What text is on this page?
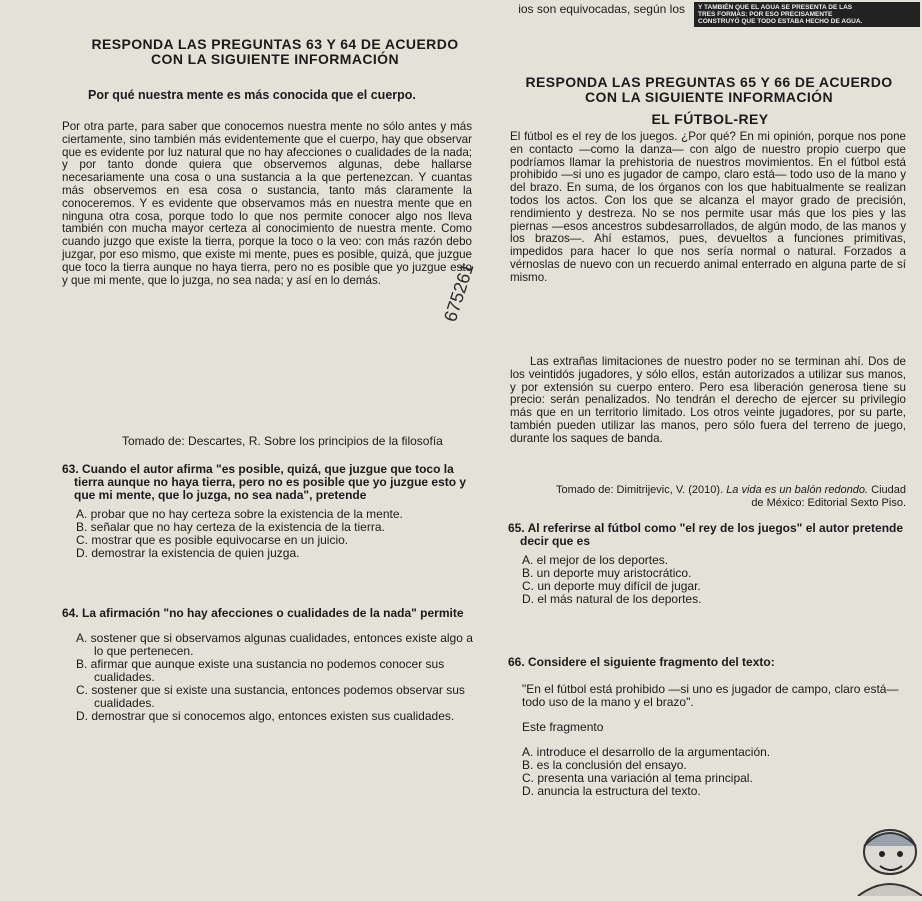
ios son equivocadas, según los Y TAMBIÉN QUE EL AGUA SE PRESENTA DE LAS
TRES FORMAS: POR ESO PRECISAMENTE
CONSTRUYÓ QUE TODO ESTABA HECHO DE AGUA.
RESPONDA LAS PREGUNTAS 63 Y 64 DE ACUERDO
CON LA SIGUIENTE INFORMACIÓN
Por qué nuestra mente es más conocida que el cuerpo.
Por otra parte, para saber que conocemos nuestra mente no sólo antes y más ciertamente, sino también más evidentemente que el cuerpo, hay que observar que es evidente por luz natural que no hay afecciones o cualidades de la nada; y por tanto donde quiera que observemos algunas, debe hallarse necesariamente una cosa o una sustancia a la que pertenezcan. Y cuantas más observemos en esa cosa o sustancia, tanto más claramente la conoceremos. Y es evidente que observamos más en nuestra mente que en ninguna otra cosa, porque todo lo que nos permite conocer algo nos lleva también con mucha mayor certeza al conocimiento de nuestra mente. Como cuando juzgo que existe la tierra, porque la toco o la veo: con más razón debo juzgar, por eso mismo, que existe mi mente, pues es posible, quizá, que juzgue que toco la tierra aunque no haya tierra, pero no es posible que yo juzgue esto y que mi mente, que lo juzga, no sea nada; y así en lo demás.
Tomado de: Descartes, R. Sobre los principios de la filosofía
63. Cuando el autor afirma "es posible, quizá, que juzgue que toco la tierra aunque no haya tierra, pero no es posible que yo juzgue esto y que mi mente, que lo juzga, no sea nada", pretende
A. probar que no hay certeza sobre la existencia de la mente.
B. señalar que no hay certeza de la existencia de la tierra.
C. mostrar que es posible equivocarse en un juicio.
D. demostrar la existencia de quien juzga.
64. La afirmación "no hay afecciones o cualidades de la nada" permite
A. sostener que si observamos algunas cualidades, entonces existe algo a lo que pertenecen.
B. afirmar que aunque existe una sustancia no podemos conocer sus cualidades.
C. sostener que si existe una sustancia, entonces podemos observar sus cualidades.
D. demostrar que si conocemos algo, entonces existen sus cualidades.
675261
RESPONDA LAS PREGUNTAS 65 Y 66 DE ACUERDO
CON LA SIGUIENTE INFORMACIÓN
EL FÚTBOL-REY
El fútbol es el rey de los juegos. ¿Por qué? En mi opinión, porque nos pone en contacto —como la danza— con algo de nuestro propio cuerpo que podríamos llamar la prehistoria de nuestros movimientos. En el fútbol está prohibido —si uno es jugador de campo, claro está— todo uso de la mano y del brazo. En suma, de los órganos con los que habitualmente se realizan todos los actos. Con los que se alcanza el mayor grado de precisión, rendimiento y destreza. No se nos permite usar más que los pies y las piernas —esos ancestros subdesarrollados, de algún modo, de las manos y los brazos—. Ahí estamos, pues, devueltos a funciones primitivas, impedidos para hacer lo que nos sería normal o natural. Forzados a vérnoslas de nuevo con un recuerdo animal enterrado en alguna parte de sí mismo.
Las extrañas limitaciones de nuestro poder no se terminan ahí. Dos de los veintidós jugadores, y sólo ellos, están autorizados a utilizar sus manos, y por extensión su cuerpo entero. Pero esa liberación generosa tiene su precio: serán penalizados. No tendrán el derecho de ejercer su privilegio más que en un territorio limitado. Los otros veinte jugadores, por su parte, también pueden utilizar las manos, pero sólo fuera del terreno de juego, durante los saques de banda.
Tomado de: Dimitrijevic, V. (2010). La vida es un balón redondo. Ciudad
de México: Editorial Sexto Piso.
65. Al referirse al fútbol como "el rey de los juegos" el autor pretende decir que es
A. el mejor de los deportes.
B. un deporte muy aristocrático.
C. un deporte muy difícil de jugar.
D. el más natural de los deportes.
66. Considere el siguiente fragmento del texto:
"En el fútbol está prohibido —si uno es jugador de campo, claro está— todo uso de la mano y el brazo".
Este fragmento
A. introduce el desarrollo de la argumentación.
B. es la conclusión del ensayo.
C. presenta una variación al tema principal.
D. anuncia la estructura del texto.
